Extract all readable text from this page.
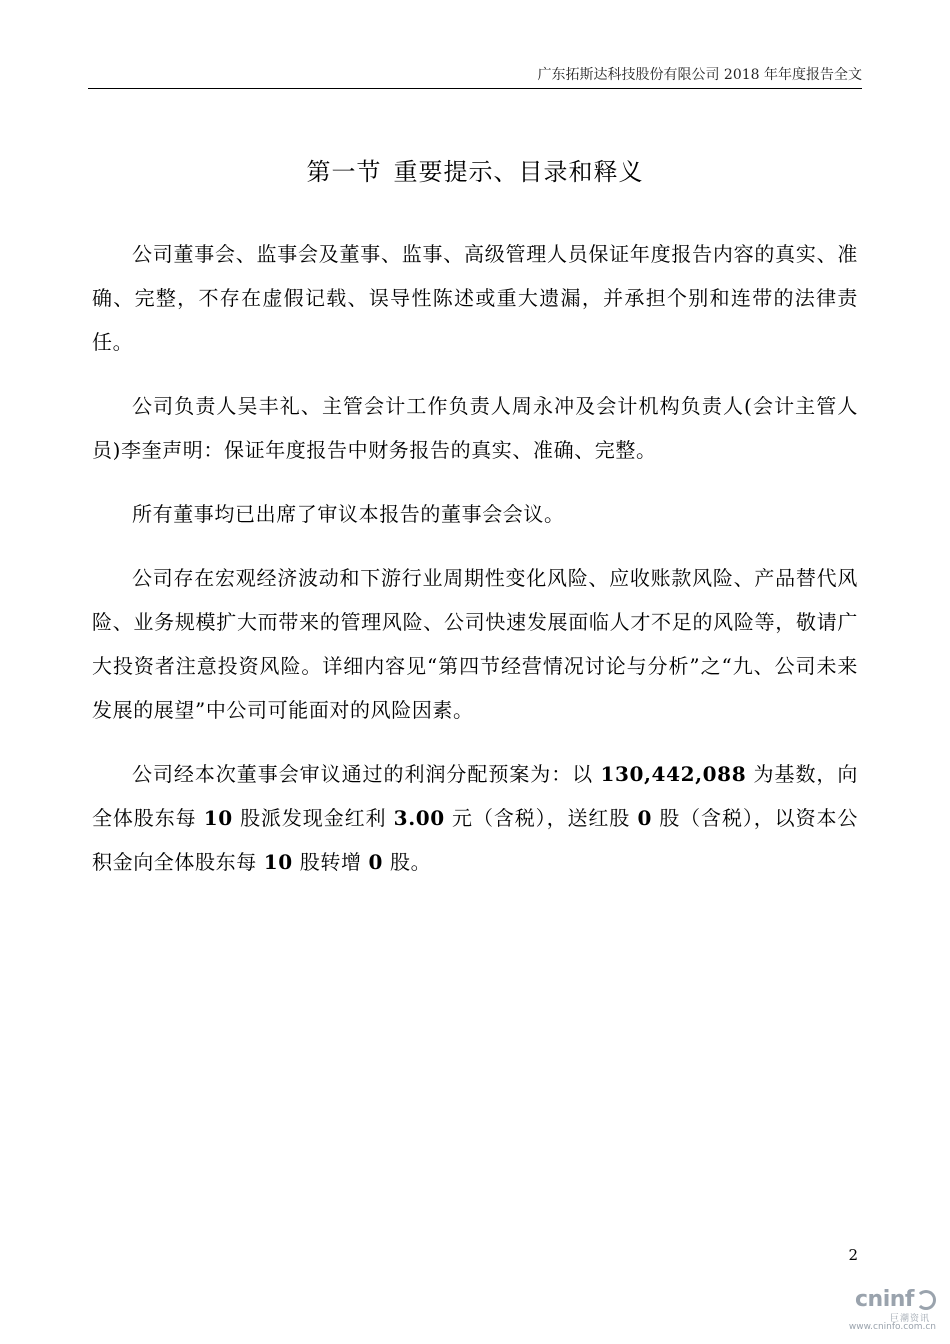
广东拓斯达科技股份有限公司 2018 年年度报告全文
第一节 重要提示、目录和释义

公司董事会、监事会及董事、监事、高级管理人员保证年度报告内容的真实、准确、完整，不存在虚假记载、误导性陈述或重大遗漏，并承担个别和连带的法律责任。

公司负责人吴丰礼、主管会计工作负责人周永冲及会计机构负责人(会计主管人员)李奎声明：保证年度报告中财务报告的真实、准确、完整。

所有董事均已出席了审议本报告的董事会会议。

公司存在宏观经济波动和下游行业周期性变化风险、应收账款风险、产品替代风险、业务规模扩大而带来的管理风险、公司快速发展面临人才不足的风险等，敬请广大投资者注意投资风险。详细内容见“第四节经营情况讨论与分析”之“九、公司未来发展的展望”中公司可能面对的风险因素。

公司经本次董事会审议通过的利润分配预案为：以 130,442,088 为基数，向全体股东每 10 股派发现金红利 3.00 元（含税），送红股 0 股（含税），以资本公积金向全体股东每 10 股转增 0 股。

2
cninf
巨潮资讯
www.cninfo.com.cn
